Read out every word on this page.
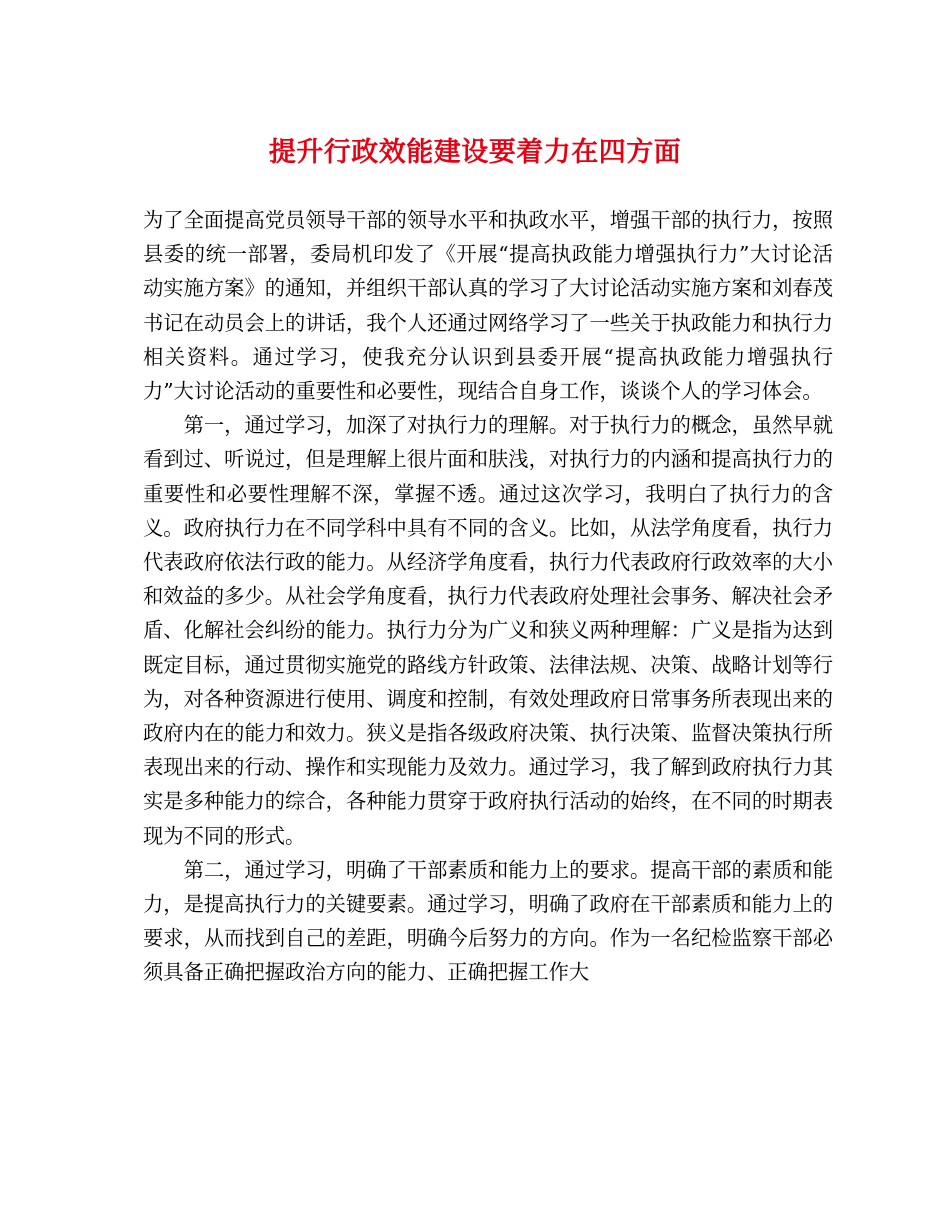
提升行政效能建设要着力在四方面

为了全面提高党员领导干部的领导水平和执政水平，增强干部的执行力，按照县委的统一部署，委局机印发了《开展“提高执政能力增强执行力”大讨论活动实施方案》的通知，并组织干部认真的学习了大讨论活动实施方案和刘春茂书记在动员会上的讲话，我个人还通过网络学习了一些关于执政能力和执行力相关资料。通过学习，使我充分认识到县委开展“提高执政能力增强执行力”大讨论活动的重要性和必要性，现结合自身工作，谈谈个人的学习体会。

第一，通过学习，加深了对执行力的理解。对于执行力的概念，虽然早就看到过、听说过，但是理解上很片面和肤浅，对执行力的内涵和提高执行力的重要性和必要性理解不深，掌握不透。通过这次学习，我明白了执行力的含义。政府执行力在不同学科中具有不同的含义。比如，从法学角度看，执行力代表政府依法行政的能力。从经济学角度看，执行力代表政府行政效率的大小和效益的多少。从社会学角度看，执行力代表政府处理社会事务、解决社会矛盾、化解社会纠纷的能力。执行力分为广义和狭义两种理解：广义是指为达到既定目标，通过贯彻实施党的路线方针政策、法律法规、决策、战略计划等行为，对各种资源进行使用、调度和控制，有效处理政府日常事务所表现出来的政府内在的能力和效力。狭义是指各级政府决策、执行决策、监督决策执行所表现出来的行动、操作和实现能力及效力。通过学习，我了解到政府执行力其实是多种能力的综合，各种能力贯穿于政府执行活动的始终，在不同的时期表现为不同的形式。

第二，通过学习，明确了干部素质和能力上的要求。提高干部的素质和能力，是提高执行力的关键要素。通过学习，明确了政府在干部素质和能力上的要求，从而找到自己的差距，明确今后努力的方向。作为一名纪检监察干部必须具备正确把握政治方向的能力、正确把握工作大
